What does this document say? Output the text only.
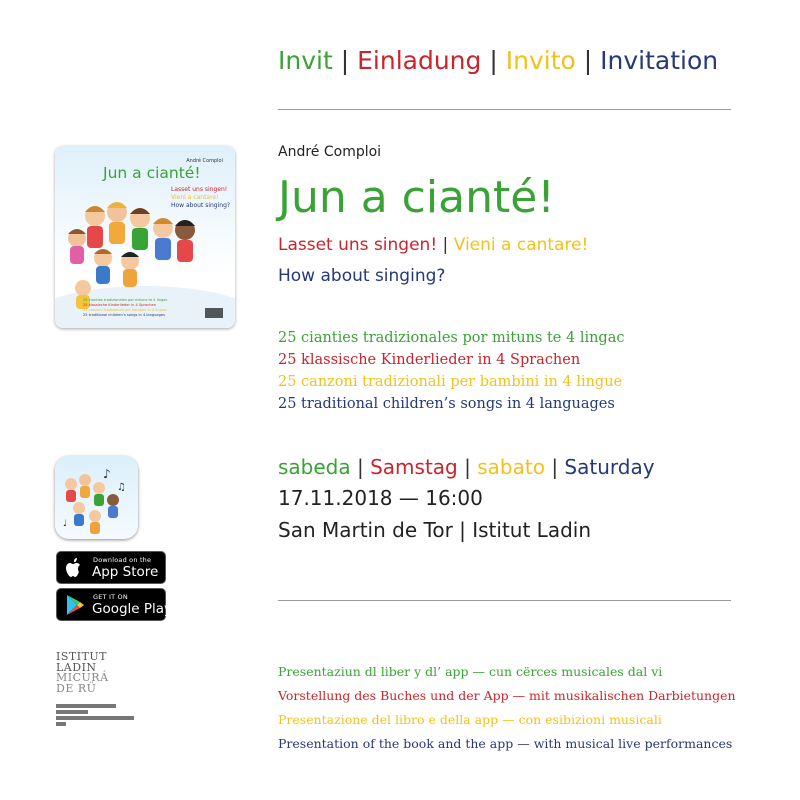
Invit | Einladung | Invito | Invitation
André Comploi
Jun a cianté!
Lasset uns singen!
Vieni a cantare!
How about singing?
25 cianties tradizionales por mituns te 4 lingac
25 klassische Kinderlieder in 4 Sprachen
25 canzoni tradizionali per bambini in 4 lingue
25 traditional children’s songs in 4 languages
André Comploi
Jun a cianté!
Lasset uns singen! | Vieni a cantare!
How about singing?
25 cianties tradizionales por mituns te 4 lingac
25 klassische Kinderlieder in 4 Sprachen
25 canzoni tradizionali per bambini in 4 lingue
25 traditional children’s songs in 4 languages
♪
♫
♩
Download on the
App Store
GET IT ON
Google Play
sabeda | Samstag | sabato | Saturday
17.11.2018 — 16:00
San Martin de Tor | Istitut Ladin
Presentaziun dl liber y dl’ app — cun cërces musicales dal vi
Vorstellung des Buches und der App — mit musikalischen Darbietungen
Presentazione del libro e della app — con esibizioni musicali
Presentation of the book and the app — with musical live performances
ISTITUT
LADIN
MICURÁ
DE RÜ
